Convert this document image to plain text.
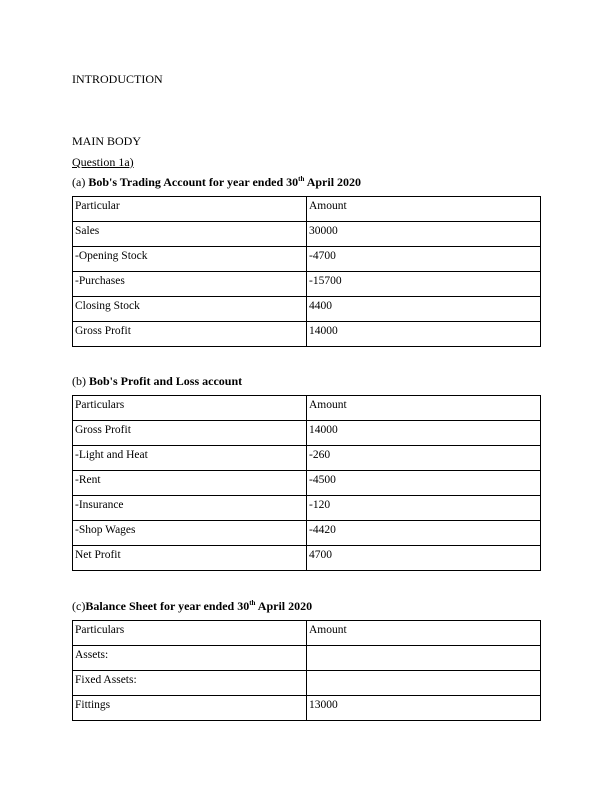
INTRODUCTION
MAIN BODY
Question 1a)
(a) Bob's Trading Account for year ended 30th April 2020
Particular	Amount
Sales	30000
-Opening Stock	-4700
-Purchases	-15700
Closing Stock	4400
Gross Profit	14000
(b) Bob's Profit and Loss account
Particulars	Amount
Gross Profit	14000
-Light and Heat	-260
-Rent	-4500
-Insurance	-120
-Shop Wages	-4420
Net Profit	4700
(c)Balance Sheet for year ended 30th April 2020
Particulars	Amount
Assets:	
Fixed Assets:	
Fittings	13000
